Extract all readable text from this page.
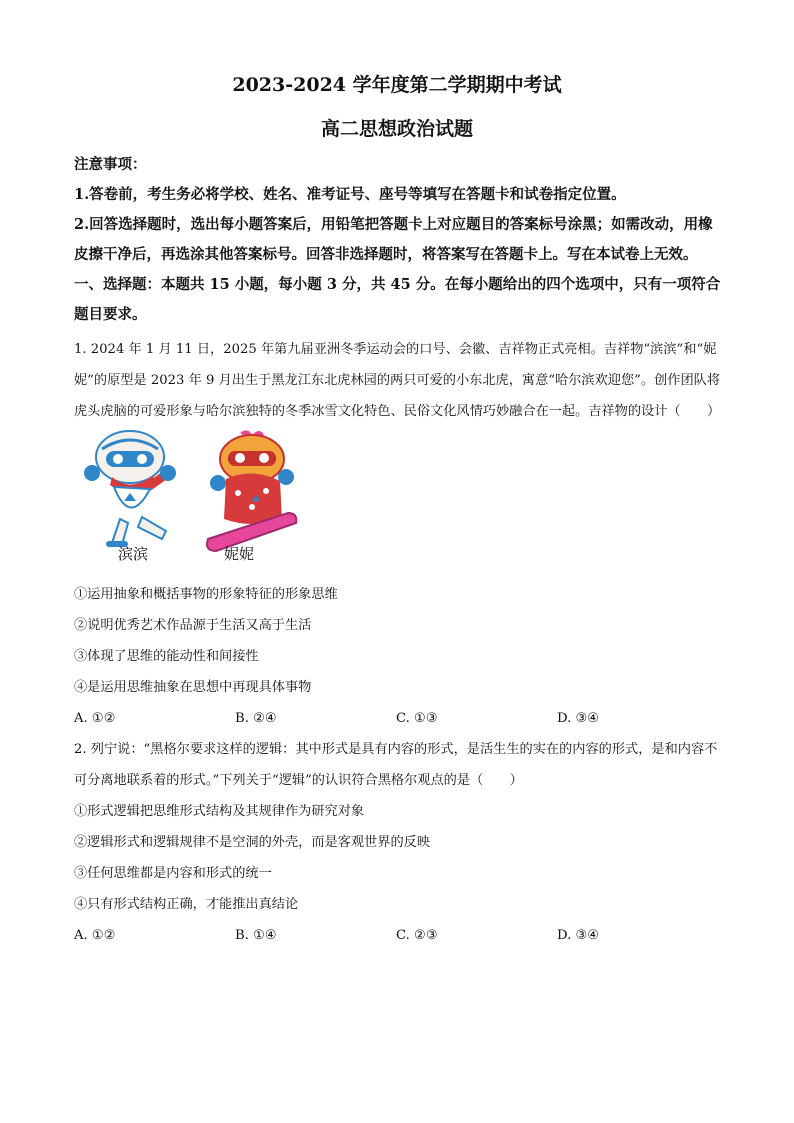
2023-2024 学年度第二学期期中考试
高二思想政治试题

注意事项：

1.答卷前，考生务必将学校、姓名、准考证号、座号等填写在答题卡和试卷指定位置。

2.回答选择题时，选出每小题答案后，用铅笔把答题卡上对应题目的答案标号涂黑；如需改动，用橡皮擦干净后，再选涂其他答案标号。回答非选择题时，将答案写在答题卡上。写在本试卷上无效。

一、选择题：本题共 15 小题，每小题 3 分，共 45 分。在每小题给出的四个选项中，只有一项符合题目要求。

1. 2024 年 1 月 11 日，2025 年第九届亚洲冬季运动会的口号、会徽、吉祥物正式亮相。吉祥物“滨滨”和“妮妮”的原型是 2023 年 9 月出生于黑龙江东北虎林园的两只可爱的小东北虎，寓意“哈尔滨欢迎您”。创作团队将虎头虎脑的可爱形象与哈尔滨独特的冬季冰雪文化特色、民俗文化风情巧妙融合在一起。吉祥物的设计（　　）

滨滨	妮妮

①运用抽象和概括事物的形象特征的形象思维

②说明优秀艺术作品源于生活又高于生活

③体现了思维的能动性和间接性

④是运用思维抽象在思想中再现具体事物

A. ①②	B. ②④	C. ①③	D. ③④

2. 列宁说：“黑格尔要求这样的逻辑：其中形式是具有内容的形式，是活生生的实在的内容的形式，是和内容不可分离地联系着的形式。”下列关于“逻辑”的认识符合黑格尔观点的是（　　）

①形式逻辑把思维形式结构及其规律作为研究对象

②逻辑形式和逻辑规律不是空洞的外壳，而是客观世界的反映

③任何思维都是内容和形式的统一

④只有形式结构正确，才能推出真结论

A. ①②	B. ①④	C. ②③	D. ③④
